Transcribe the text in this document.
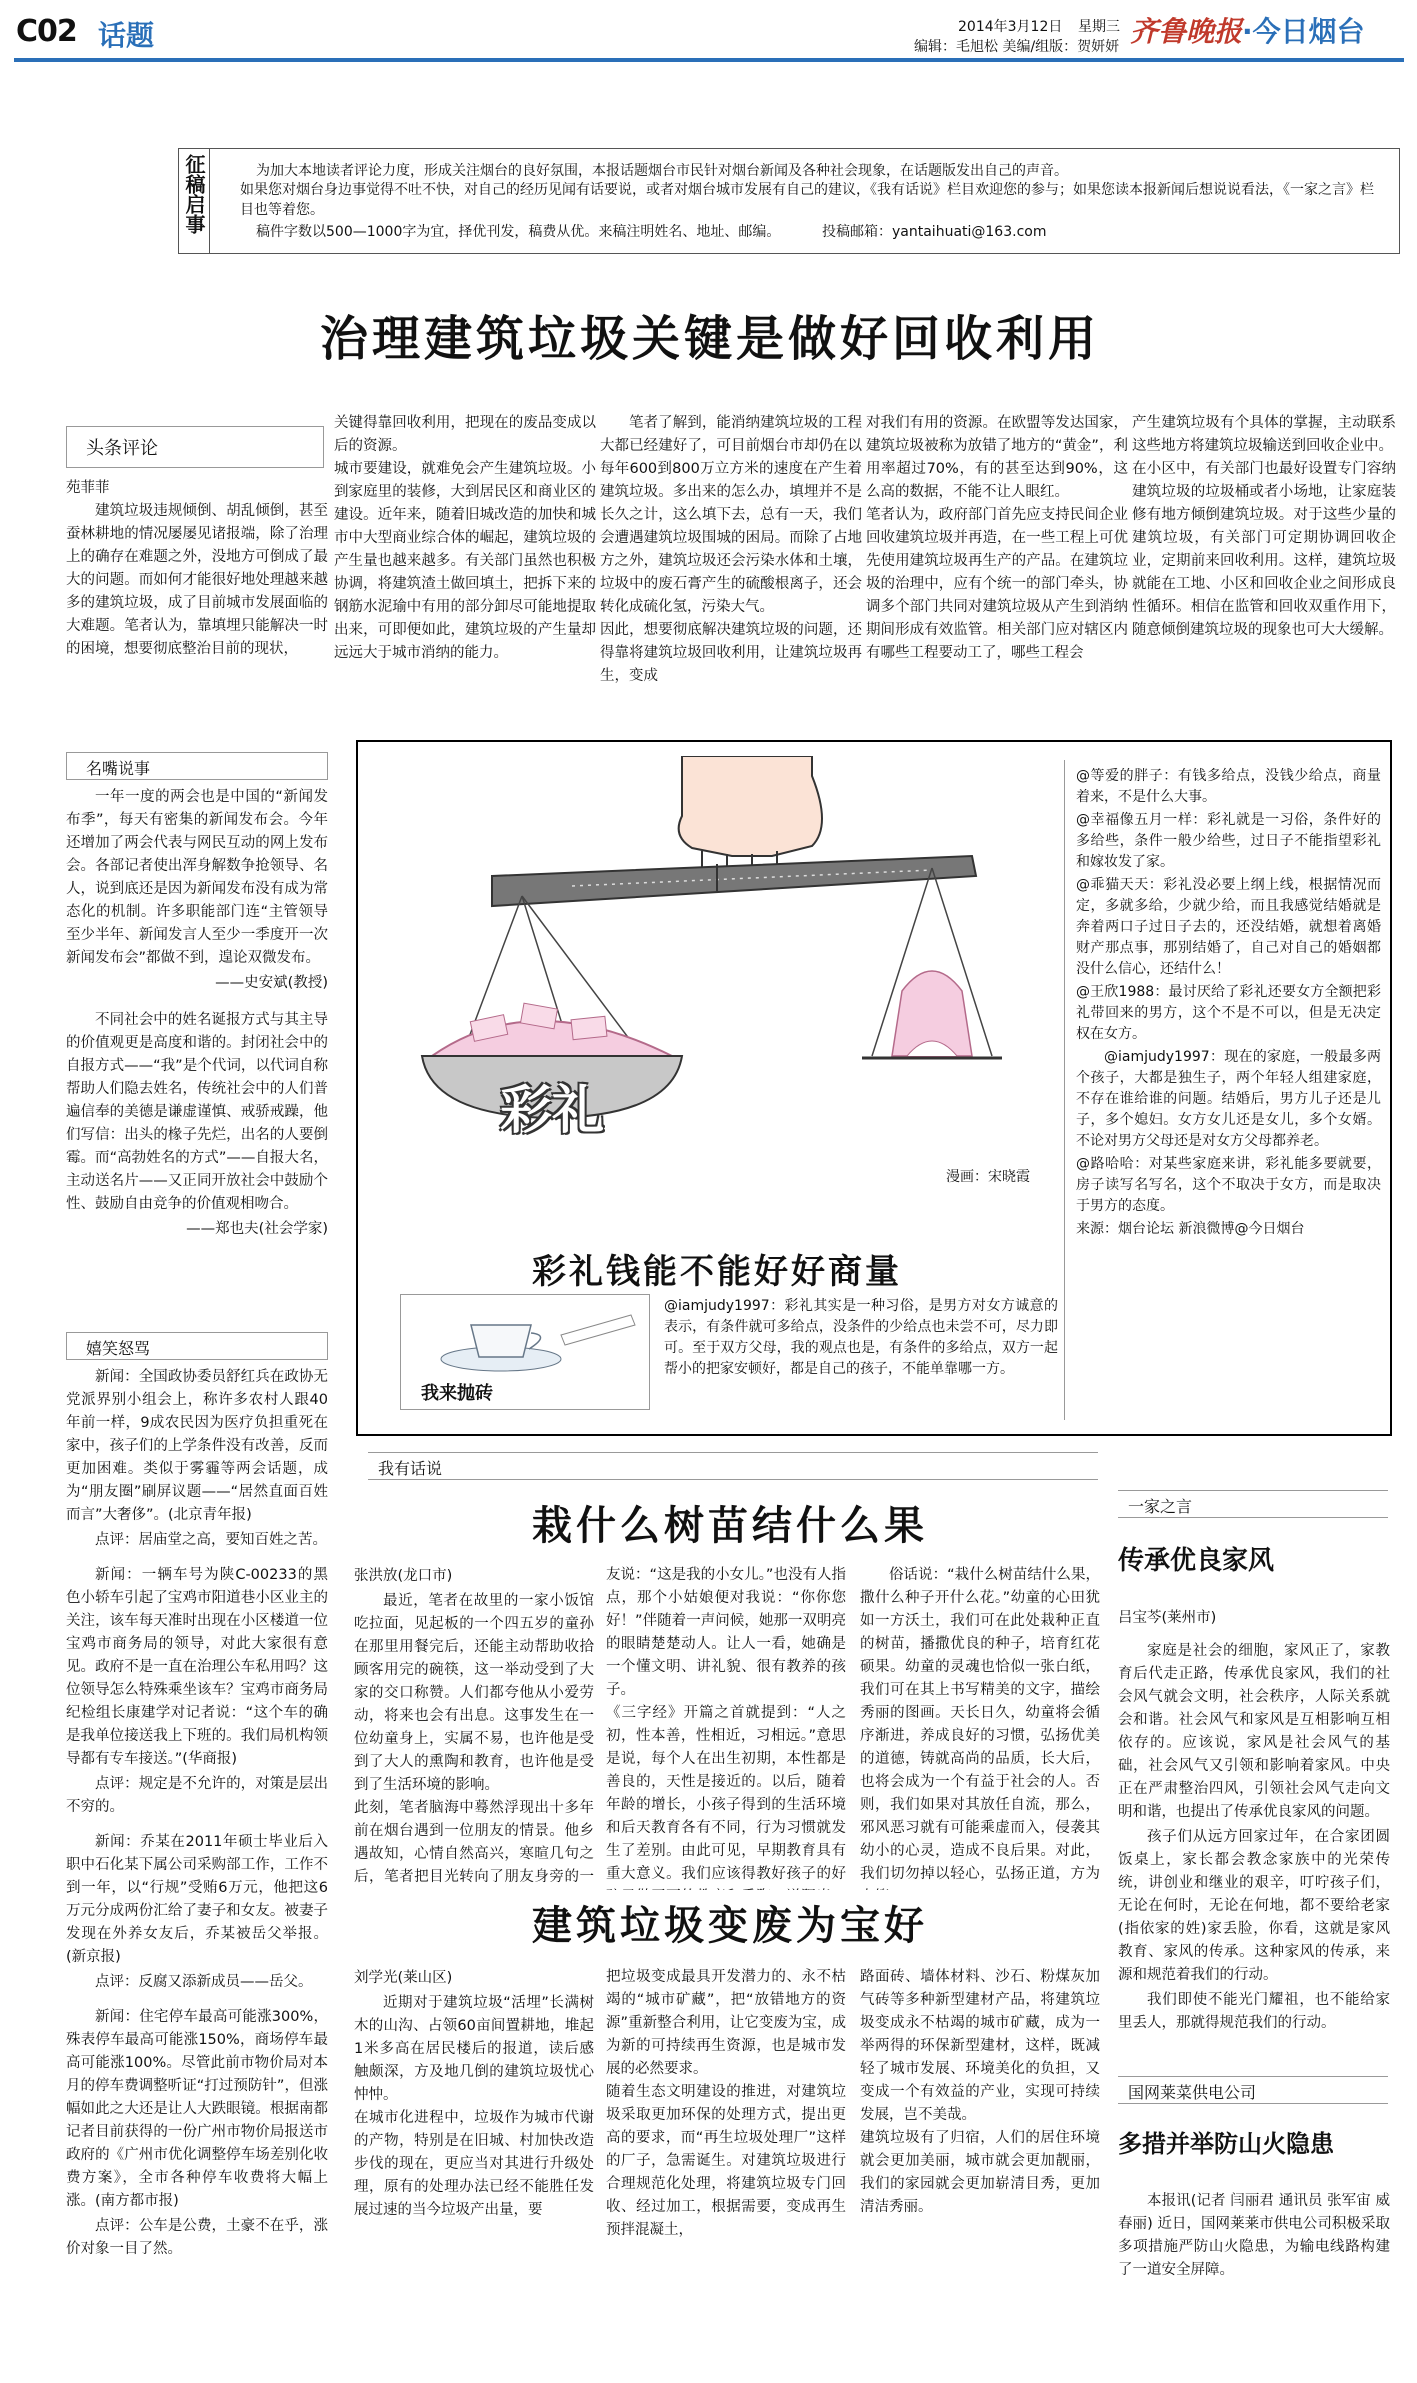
C02 话题	2014年3月12日 星期三
编辑：毛旭松 美编/组版：贺妍妍 齐鲁晚报·今日烟台
征稿启事	为加大本地读者评论力度，形成关注烟台的良好氛围，本报话题烟台市民针对烟台新闻及各种社会现象，在话题版发出自己的声音。
如果您对烟台身边事觉得不吐不快，对自己的经历见闻有话要说，或者对烟台城市发展有自己的建议，《我有话说》栏目欢迎您的参与；如果您读本报新闻后想说说看法，《一家之言》栏目也等着您。
稿件字数以500—1000字为宜，择优刊发，稿费从优。来稿注明姓名、地址、邮编。	投稿邮箱：yantaihuati@163.com
治理建筑垃圾关键是做好回收利用
头条评论
苑菲菲

建筑垃圾违规倾倒、胡乱倾倒，甚至蚕林耕地的情况屡屡见诸报端，除了治理上的确存在难题之外，没地方可倒成了最大的问题。而如何才能很好地处理越来越多的建筑垃圾，成了目前城市发展面临的大难题。笔者认为，靠填埋只能解决一时的困境，想要彻底整治目前的现状，

关键得靠回收利用，把现在的废品变成以后的资源。
城市要建设，就难免会产生建筑垃圾。小到家庭里的装修，大到居民区和商业区的建设。近年来，随着旧城改造的加快和城市中大型商业综合体的崛起，建筑垃圾的产生量也越来越多。有关部门虽然也积极协调，将建筑渣土做回填土，把拆下来的钢筋水泥瑜中有用的部分卸尽可能地提取出来，可即便如此，建筑垃圾的产生量却远远大于城市消纳的能力。

笔者了解到，能消纳建筑垃圾的工程大都已经建好了，可目前烟台市却仍在以每年600到800万立方米的速度在产生着建筑垃圾。多出来的怎么办，填埋并不是长久之计，这么填下去，总有一天，我们会遭遇建筑垃圾围城的困局。而除了占地方之外，建筑垃圾还会污染水体和土壤，垃圾中的废石膏产生的硫酸根离子，还会转化成硫化氢，污染大气。
因此，想要彻底解决建筑垃圾的问题，还得靠将建筑垃圾回收利用，让建筑垃圾再生，变成

对我们有用的资源。在欧盟等发达国家，建筑垃圾被称为放错了地方的“黄金”，利用率超过70%，有的甚至达到90%，这么高的数据，不能不让人眼红。
笔者认为，政府部门首先应支持民间企业回收建筑垃圾并再造，在一些工程上可优先使用建筑垃圾再生产的产品。在建筑垃圾的治理中，应有个统一的部门牵头，协调多个部门共同对建筑垃圾从产生到消纳期间形成有效监管。相关部门应对辖区内有哪些工程要动工了，哪些工程会

产生建筑垃圾有个具体的掌握，主动联系这些地方将建筑垃圾输送到回收企业中。
在小区中，有关部门也最好设置专门容纳建筑垃圾的垃圾桶或者小场地，让家庭装修有地方倾倒建筑垃圾。对于这些少量的建筑垃圾，有关部门可定期协调回收企业，定期前来回收利用。这样，建筑垃圾就能在工地、小区和回收企业之间形成良性循环。相信在监管和回收双重作用下，随意倾倒建筑垃圾的现象也可大大缓解。

名嘴说事

一年一度的两会也是中国的“新闻发布季”，每天有密集的新闻发布会。今年还增加了两会代表与网民互动的网上发布会。各部记者使出浑身解数争抢领导、名人，说到底还是因为新闻发布没有成为常态化的机制。许多职能部门连“主管领导至少半年、新闻发言人至少一季度开一次新闻发布会”都做不到，遑论双微发布。

——史安斌(教授)

不同社会中的姓名诞报方式与其主导的价值观更是高度和谐的。封闭社会中的自报方式——“我”是个代词，以代词自称帮助人们隐去姓名，传统社会中的人们普遍信奉的美德是谦虚谨慎、戒骄戒躁，他们写信：出头的椽子先烂，出名的人要倒霉。而“高勃姓名的方式”——自报大名，主动送名片——又正同开放社会中鼓励个性、鼓励自由竞争的价值观相吻合。

——郑也夫(社会学家)
嬉笑怒骂

新闻：全国政协委员舒红兵在政协无党派界别小组会上，称许多农村人跟40年前一样，9成农民因为医疗负担重死在家中，孩子们的上学条件没有改善，反而更加困难。类似于雾霾等两会话题，成为“朋友圈”刷屏议题——“居然直面百姓而言”大奢侈”。(北京青年报)

点评：居庙堂之高，要知百姓之苦。

新闻：一辆车号为陕C-00233的黑色小轿车引起了宝鸡市阳道巷小区业主的关注，该车每天准时出现在小区楼道一位宝鸡市商务局的领导，对此大家很有意见。政府不是一直在治理公车私用吗？这位领导怎么特殊乘坐该车？宝鸡市商务局纪检组长康建学对记者说：“这个车的确是我单位接送我上下班的。我们局机构领导都有专车接送。”(华商报)

点评：规定是不允许的，对策是层出不穷的。

新闻：乔某在2011年硕士毕业后入职中石化某下属公司采购部工作，工作不到一年，以“行规”受贿6万元，他把这6万元分成两份汇给了妻子和女友。被妻子发现在外养女友后，乔某被岳父举报。(新京报)

点评：反腐又添新成员——岳父。

新闻：住宅停车最高可能涨300%，殊表停车最高可能涨150%，商场停车最高可能涨100%。尽管此前市物价局对本月的停车费调整听证“打过预防针”，但涨幅如此之大还是让人大跌眼镜。根据南都记者目前获得的一份广州市物价局报送市政府的《广州市优化调整停车场差别化收费方案》，全市各种停车收费将大幅上涨。(南方都市报)

点评：公车是公费，土豪不在乎，涨价对象一目了然。

彩礼
漫画：宋晓霞

@等爱的胖子：有钱多给点，没钱少给点，商量着来，不是什么大事。

@幸福像五月一样：彩礼就是一习俗，条件好的多给些，条件一般少给些，过日子不能指望彩礼和嫁妆发了家。

@乖猫天天：彩礼没必要上纲上线，根据情况而定，多就多给，少就少给，而且我感觉结婚就是奔着两口子过日子去的，还没结婚，就想着离婚财产那点事，那别结婚了，自己对自己的婚姻都没什么信心，还结什么！

@王欣1988：最讨厌给了彩礼还要女方全额把彩礼带回来的男方，这个不是不可以，但是无决定权在女方。

@iamjudy1997：现在的家庭，一般最多两个孩子，大都是独生子，两个年轻人组建家庭，不存在谁给谁的问题。结婚后，男方儿子还是儿子，多个媳妇。女方女儿还是女儿，多个女婿。不论对男方父母还是对女方父母都养老。

@路哈哈：对某些家庭来讲，彩礼能多要就要，房子读写名写名，这个不取决于女方，而是取决于男方的态度。

来源：烟台论坛 新浪微博@今日烟台

彩礼钱能不能好好商量
我来抛砖

@iamjudy1997：彩礼其实是一种习俗，是男方对女方诚意的表示，有条件就可多给点，没条件的少给点也未尝不可，尽力即可。至于双方父母，我的观点也是，有条件的多给点，双方一起帮小的把家安顿好，都是自己的孩子，不能单靠哪一方。

我有话说
栽什么树苗结什么果
张洪放(龙口市)

最近，笔者在故里的一家小饭馆吃拉面，见起板的一个四五岁的童孙在那里用餐完后，还能主动帮助收拾顾客用完的碗筷，这一举动受到了大家的交口称赞。人们都夸他从小爱劳动，将来也会有出息。这事发生在一位幼童身上，实属不易，也许他是受到了大人的熏陶和教育，也许他是受到了生活环境的影响。
此刻，笔者脑海中蓦然浮现出十多年前在烟台遇到一位朋友的情景。他乡遇故知，心情自然高兴，寒暄几句之后，笔者把目光转向了朋友身旁的一

友说：“这是我的小女儿。”也没有人指点，那个小姑娘便对我说：“你你您好！”伴随着一声问候，她那一双明亮的眼睛楚楚动人。让人一看，她确是一个懂文明、讲礼貌、很有教养的孩子。
《三字经》开篇之首就提到：“人之初，性本善，性相近，习相远。”意思是说，每个人在出生初期，本性都是善良的，天性是接近的。以后，随着年龄的增长，小孩子得到的生活环境和后天教育各有不同，行为习惯就发生了差别。由此可见，早期教育具有重大意义。我们应该得教好孩子的好

俗话说：“栽什么树苗结什么果，撒什么种子开什么花。”幼童的心田犹如一方沃土，我们可在此处栽种正直的树苗，播撒优良的种子，培育红花硕果。幼童的灵魂也恰似一张白纸，我们可在其上书写精美的文字，描绘秀丽的图画。天长日久，幼童将会循序渐进，养成良好的习惯，弘扬优美的道德，铸就高尚的品质，长大后，也将会成为一个有益于社会的人。否则，我们如果对其放任自流，那么，邪风恶习就有可能乘虚而入，侵袭其幼小的心灵，造成不良后果。对此，我们切勿掉以轻心，弘扬正道，方为

建筑垃圾变废为宝好
刘学光(莱山区)

近期对于建筑垃圾“活埋”长满树木的山沟、占领60亩间置耕地，堆起1米多高在居民楼后的报道，读后感触颇深，方及地几倒的建筑垃圾忧心忡忡。
在城市化进程中，垃圾作为城市代谢的产物，特别是在旧城、村加快改造步伐的现在，更应当对其进行升级处理，原有的处理办法已经不能胜任发展过速的当今垃圾产出量，要

把垃圾变成最具开发潜力的、永不枯竭的“城市矿藏”，把“放错地方的资源”重新整合利用，让它变废为宝，成为新的可持续再生资源，也是城市发展的必然要求。
随着生态文明建设的推进，对建筑垃圾采取更加环保的处理方式，提出更高的要求，而“再生垃圾处理厂”这样的厂子，急需诞生。对建筑垃圾进行合理规范化处理，将建筑垃圾专门回收、经过加工，根据需要，变成再生预拌混凝土，

路面砖、墙体材料、沙石、粉煤灰加气砖等多种新型建材产品，将建筑垃圾变成永不枯竭的城市矿藏，成为一举两得的环保新型建材，这样，既减轻了城市发展、环境美化的负担，又变成一个有效益的产业，实现可持续发展，岂不美哉。
建筑垃圾有了归宿，人们的居住环境就会更加美丽，城市就会更加靓丽，我们的家园就会更加崭清目秀，更加清洁秀丽。

一家之言
传承优良家风
吕宝芩(莱州市)

家庭是社会的细胞，家风正了，家教育后代走正路，传承优良家风，我们的社会风气就会文明，社会秩序，人际关系就会和谐。社会风气和家风是互相影响互相依存的。应该说，家风是社会风气的基础，社会风气又引领和影响着家风。中央正在严肃整治四风，引领社会风气走向文明和谐，也提出了传承优良家风的问题。

孩子们从远方回家过年，在合家团圆饭桌上，家长都会教念家族中的光荣传统，讲创业和继业的艰辛，叮咛孩子们，无论在何时，无论在何地，都不要给老家(指依家的姓)家丢脸，你看，这就是家风教育、家风的传承。这种家风的传承，来源和规范着我们的行动。

我们即使不能光门耀祖，也不能给家里丢人，那就得规范我们的行动。

国网莱菜供电公司
多措并举防山火隐患

本报讯(记者 闫丽君 通讯员 张军宙 威春丽) 近日，国网莱莱市供电公司积极采取多项措施严防山火隐患，为输电线路构建了一道安全屏障。
